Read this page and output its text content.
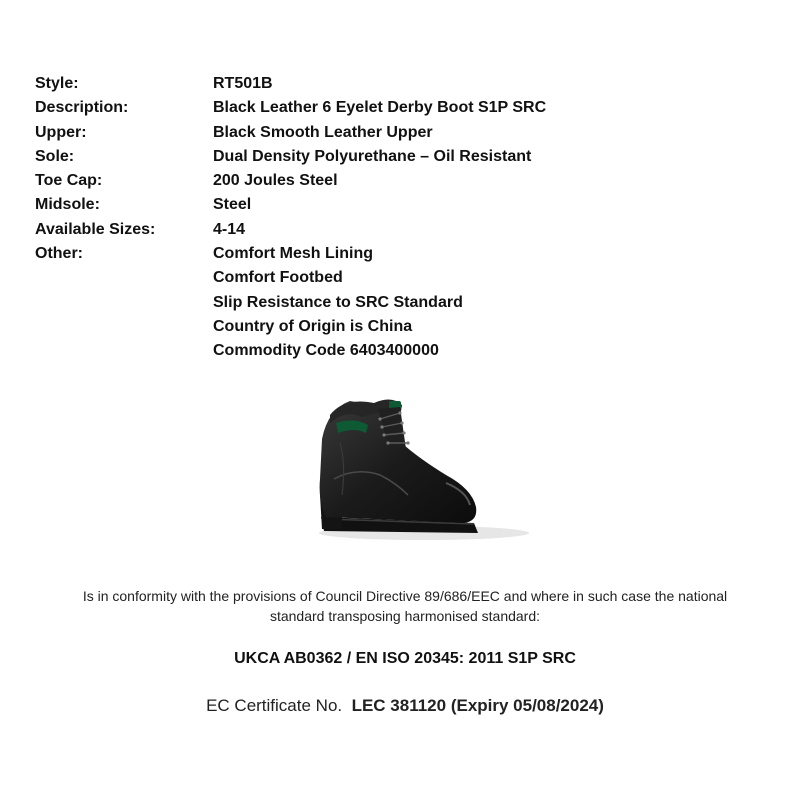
Style:	RT501B
Description:	Black Leather 6 Eyelet Derby Boot S1P SRC
Upper:	Black Smooth Leather Upper
Sole:	Dual Density Polyurethane – Oil Resistant
Toe Cap:	200 Joules Steel
Midsole:	Steel
Available Sizes:	4-14
Other:	Comfort Mesh Lining
Comfort Footbed
Slip Resistance to SRC Standard
Country of Origin is China
Commodity Code 6403400000
Is in conformity with the provisions of Council Directive 89/686/EEC and where in such case the national
standard transposing harmonised standard:
UKCA AB0362 / EN ISO 20345: 2011 S1P SRC
EC Certificate No. LEC 381120 (Expiry 05/08/2024)
